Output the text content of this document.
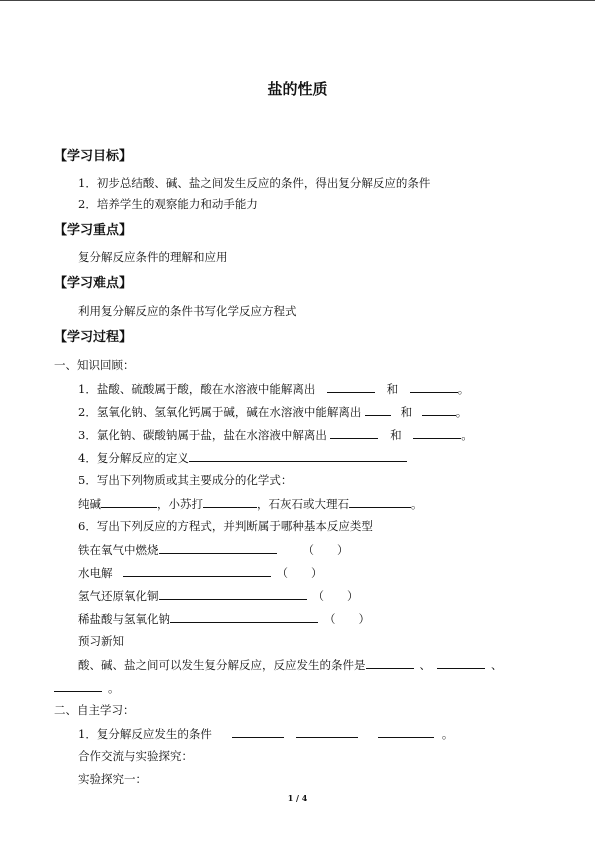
盐的性质
【学习目标】
1．初步总结酸、碱、盐之间发生反应的条件，得出复分解反应的条件
2．培养学生的观察能力和动手能力
【学习重点】
复分解反应条件的理解和应用
【学习难点】
利用复分解反应的条件书写化学反应方程式
【学习过程】
一、知识回顾：
1．盐酸、硫酸属于酸，酸在水溶液中能解离出	和	。
2．氢氧化钠、氢氧化钙属于碱，碱在水溶液中能解离出	和	。
3．氯化钠、碳酸钠属于盐，盐在水溶液中解离出	和	。
4．复分解反应的定义
5．写出下列物质或其主要成分的化学式：
纯碱	，小苏打	，石灰石或大理石	。
6．写出下列反应的方程式，并判断属于哪种基本反应类型
铁在氧气中燃烧	（　　）
水电解	（　　）
氢气还原氧化铜	（　　）
稀盐酸与氢氧化钠	（　　）
预习新知
酸、碱、盐之间可以发生复分解反应，反应发生的条件是	、	、
。
二、自主学习：
1．复分解反应发生的条件	。
合作交流与实验探究：
实验探究一：
1 / 4
